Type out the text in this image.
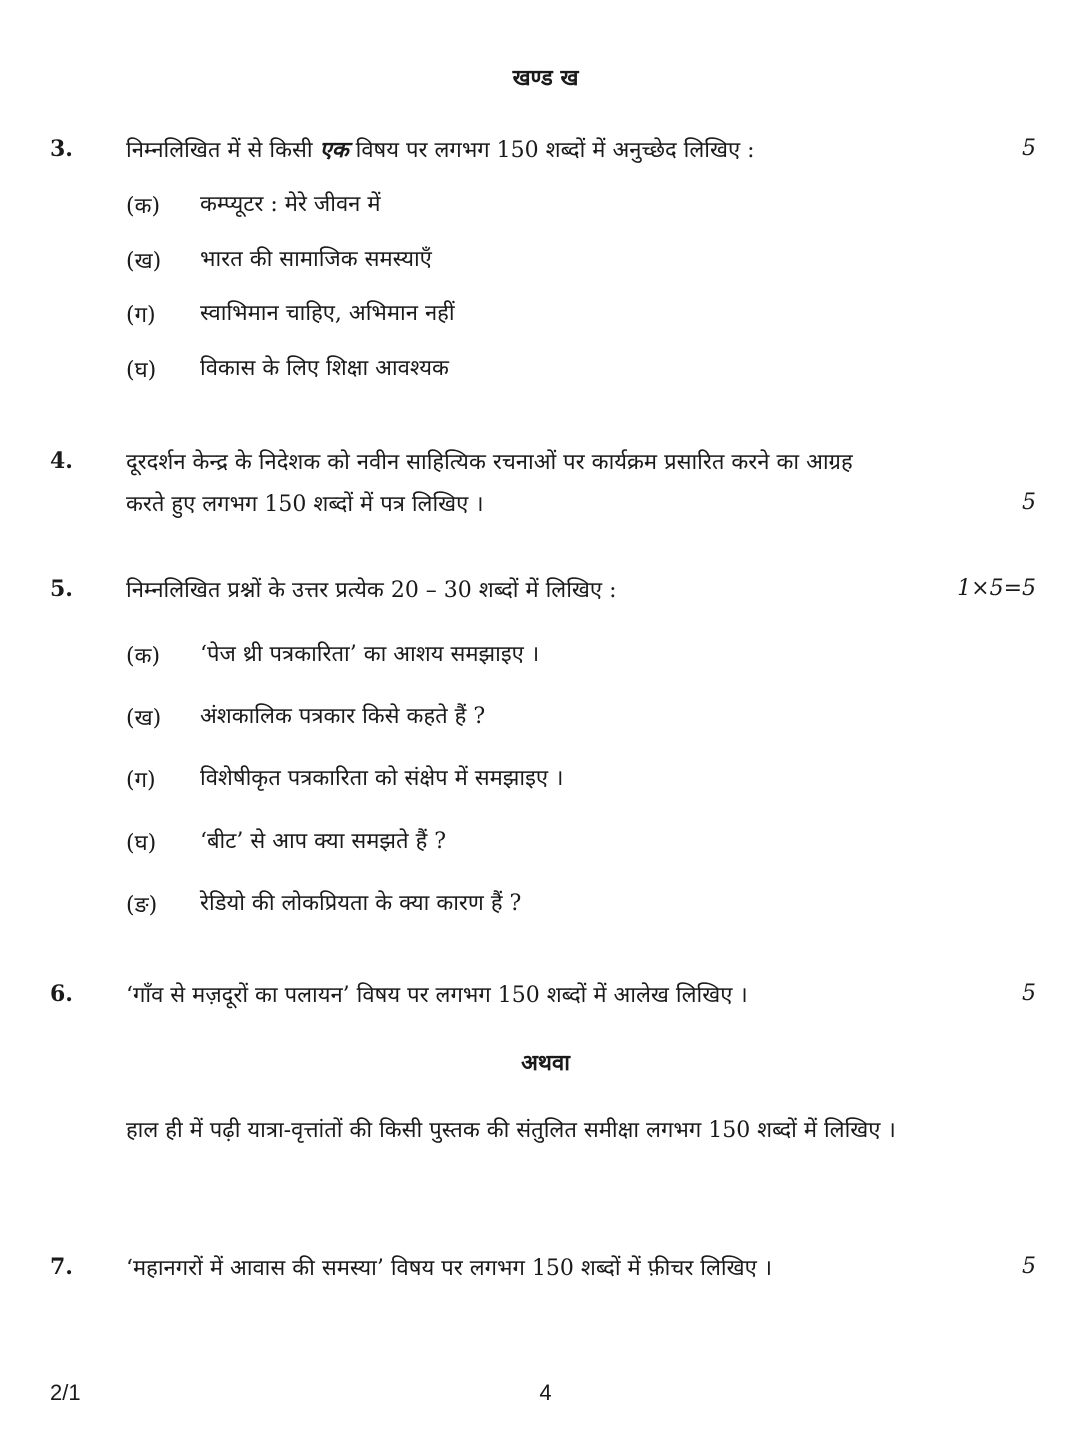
खण्ड ख
3. निम्नलिखित में से किसी एक विषय पर लगभग 150 शब्दों में अनुच्छेद लिखिए :	5
(क) कम्प्यूटर : मेरे जीवन में
(ख) भारत की सामाजिक समस्याएँ
(ग) स्वाभिमान चाहिए, अभिमान नहीं
(घ) विकास के लिए शिक्षा आवश्यक
4. दूरदर्शन केन्द्र के निदेशक को नवीन साहित्यिक रचनाओं पर कार्यक्रम प्रसारित करने का आग्रह
करते हुए लगभग 150 शब्दों में पत्र लिखिए ।	5
5. निम्नलिखित प्रश्नों के उत्तर प्रत्येक 20 – 30 शब्दों में लिखिए :	1×5=5
(क) ‘पेज थ्री पत्रकारिता’ का आशय समझाइए ।
(ख) अंशकालिक पत्रकार किसे कहते हैं ?
(ग) विशेषीकृत पत्रकारिता को संक्षेप में समझाइए ।
(घ) ‘बीट’ से आप क्या समझते हैं ?
(ङ) रेडियो की लोकप्रियता के क्या कारण हैं ?
6. ‘गाँव से मज़दूरों का पलायन’ विषय पर लगभग 150 शब्दों में आलेख लिखिए ।	5
अथवा
हाल ही में पढ़ी यात्रा-वृत्तांतों की किसी पुस्तक की संतुलित समीक्षा लगभग 150 शब्दों में लिखिए ।
7. ‘महानगरों में आवास की समस्या’ विषय पर लगभग 150 शब्दों में फ़ीचर लिखिए ।	5
2/1	4
